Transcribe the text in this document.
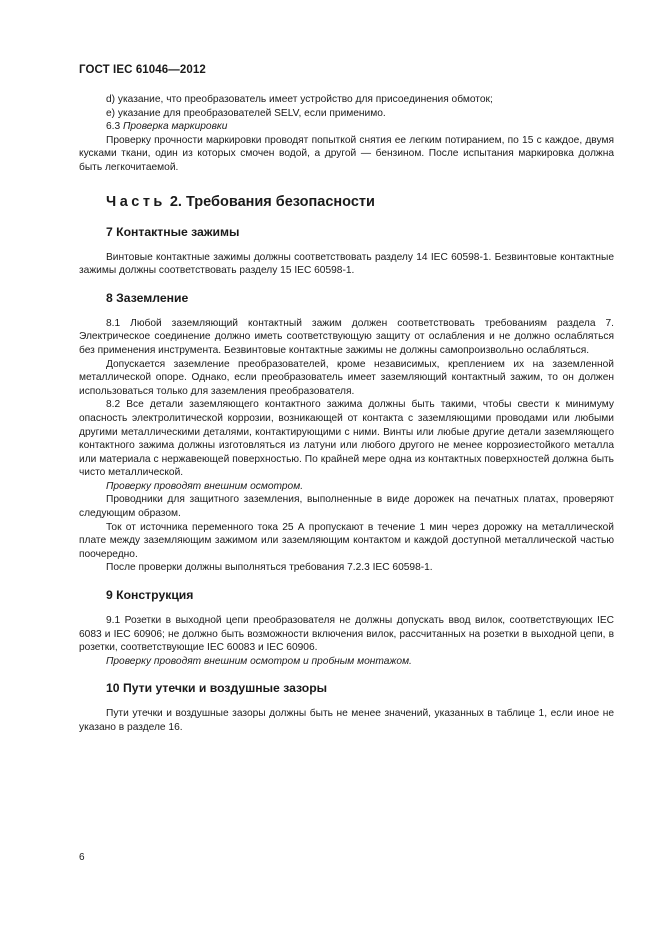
ГОСТ IEC 61046—2012

d) указание, что преобразователь имеет устройство для присоединения обмоток;

e) указание для преобразователей SELV, если применимо.

6.3 Проверка маркировки

Проверку прочности маркировки проводят попыткой снятия ее легким потиранием, по 15 с каждое, двумя кусками ткани, один из которых смочен водой, а другой — бензином. После испытания маркировка должна быть легкочитаемой.

Часть 2. Требования безопасности
7 Контактные зажимы

Винтовые контактные зажимы должны соответствовать разделу 14 IEC 60598-1. Безвинтовые контактные зажимы должны соответствовать разделу 15 IEC 60598-1.

8 Заземление

8.1 Любой заземляющий контактный зажим должен соответствовать требованиям раздела 7. Электрическое соединение должно иметь соответствующую защиту от ослабления и не должно ослабляться без применения инструмента. Безвинтовые контактные зажимы не должны самопроизвольно ослабляться.

Допускается заземление преобразователей, кроме независимых, креплением их на заземленной металлической опоре. Однако, если преобразователь имеет заземляющий контактный зажим, то он должен использоваться только для заземления преобразователя.

8.2 Все детали заземляющего контактного зажима должны быть такими, чтобы свести к минимуму опасность электролитической коррозии, возникающей от контакта с заземляющими проводами или любыми другими металлическими деталями, контактирующими с ними. Винты или любые другие детали заземляющего контактного зажима должны изготовляться из латуни или любого другого не менее коррозиестойкого металла или материала с нержавеющей поверхностью. По крайней мере одна из контактных поверхностей должна быть чисто металлической.

Проверку проводят внешним осмотром.

Проводники для защитного заземления, выполненные в виде дорожек на печатных платах, проверяют следующим образом.

Ток от источника переменного тока 25 А пропускают в течение 1 мин через дорожку на металлической плате между заземляющим зажимом или заземляющим контактом и каждой доступной металлической частью поочередно.

После проверки должны выполняться требования 7.2.3 IEC 60598-1.

9 Конструкция

9.1 Розетки в выходной цепи преобразователя не должны допускать ввод вилок, соответствующих IEC 6083 и IEC 60906; не должно быть возможности включения вилок, рассчитанных на розетки в выходной цепи, в розетки, соответствующие IEC 60083 и IEC 60906.

Проверку проводят внешним осмотром и пробным монтажом.

10 Пути утечки и воздушные зазоры

Пути утечки и воздушные зазоры должны быть не менее значений, указанных в таблице 1, если иное не указано в разделе 16.

6
